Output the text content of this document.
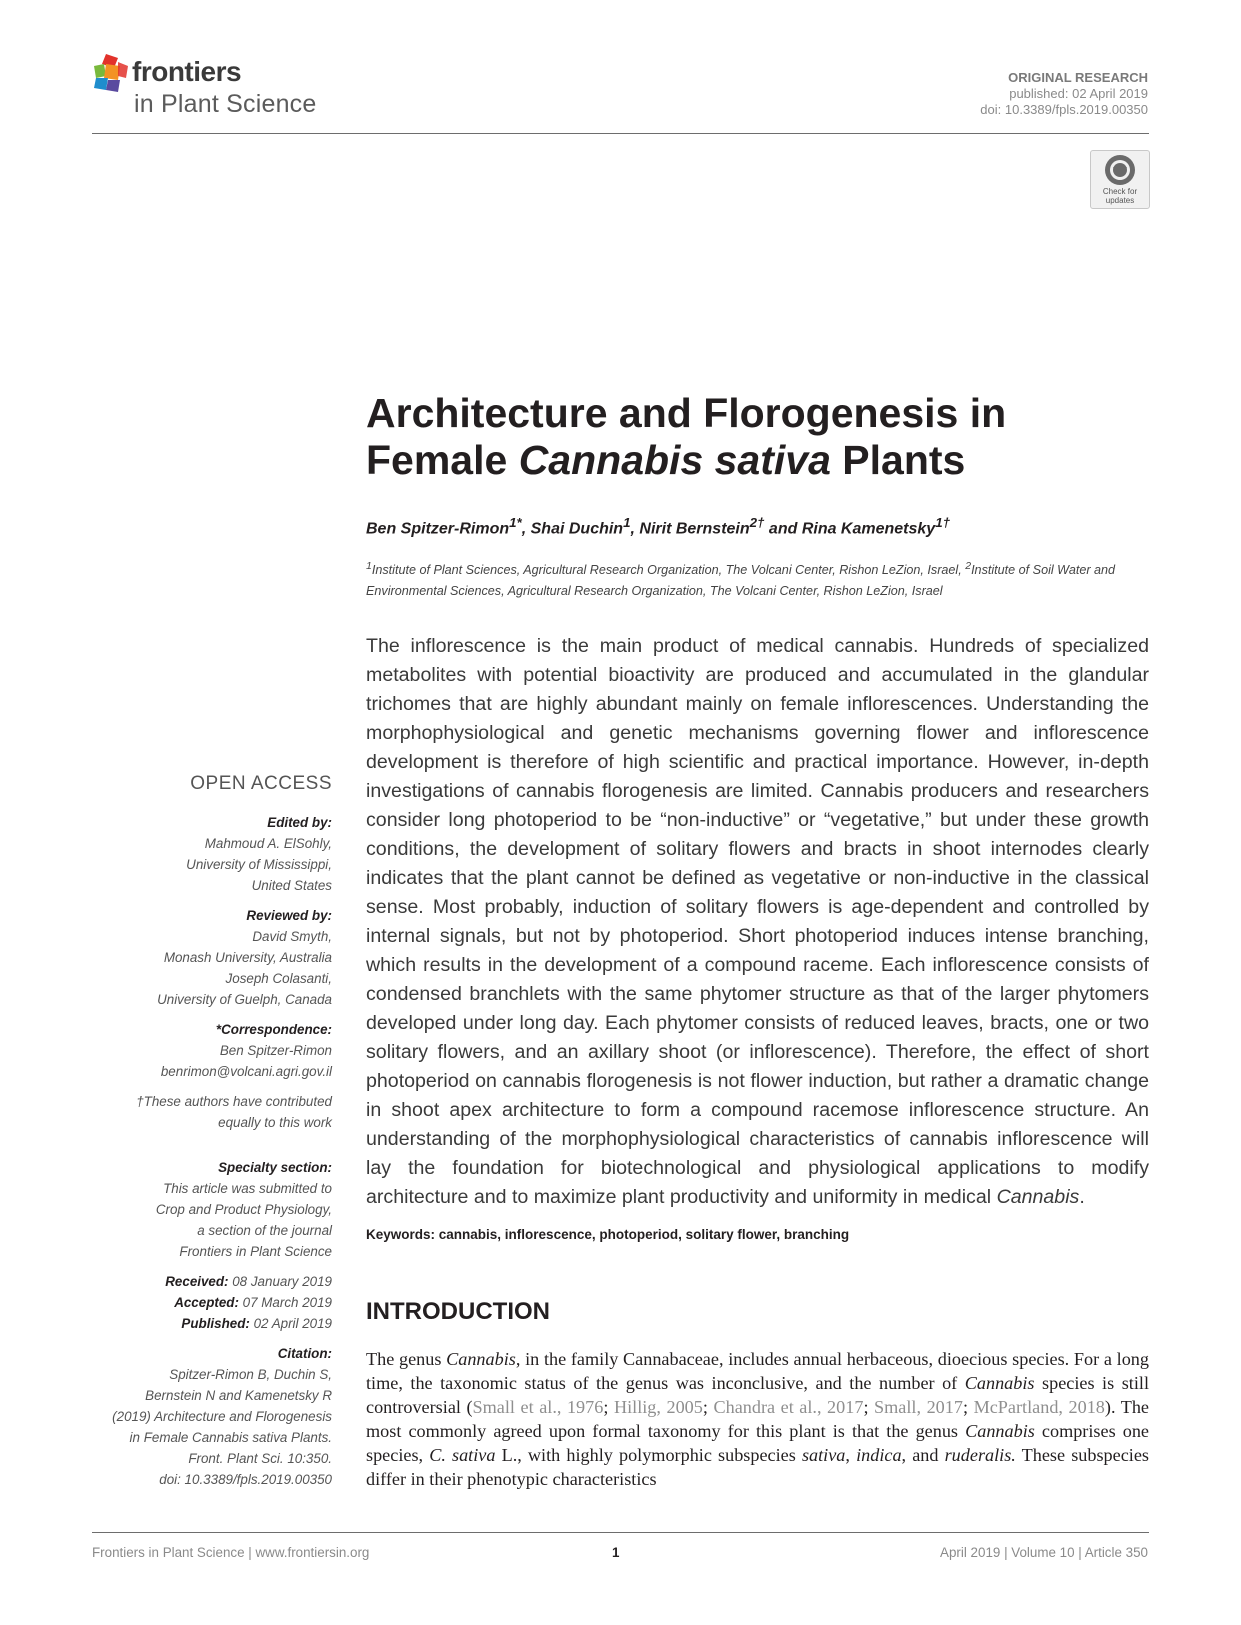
frontiers
in Plant Science
ORIGINAL RESEARCH
published: 02 April 2019
doi: 10.3389/fpls.2019.00350
Check for
updates
Architecture and Florogenesis in
Female Cannabis sativa Plants
Ben Spitzer-Rimon$^{1*}$, Shai Duchin$^1$, Nirit Bernstein$^{2\dagger}$ and Rina Kamenetsky$^{1\dagger}$
$^1$Institute of Plant Sciences, Agricultural Research Organization, The Volcani Center, Rishon LeZion, Israel, $^2$Institute of Soil Water and Environmental Sciences, Agricultural Research Organization, The Volcani Center, Rishon LeZion, Israel
The inflorescence is the main product of medical cannabis. Hundreds of specialized metabolites with potential bioactivity are produced and accumulated in the glandular trichomes that are highly abundant mainly on female inflorescences. Understanding the morphophysiological and genetic mechanisms governing flower and inflorescence development is therefore of high scientific and practical importance. However, in-depth investigations of cannabis florogenesis are limited. Cannabis producers and researchers consider long photoperiod to be “non-inductive” or “vegetative,” but under these growth conditions, the development of solitary flowers and bracts in shoot internodes clearly indicates that the plant cannot be defined as vegetative or non-inductive in the classical sense. Most probably, induction of solitary flowers is age-dependent and controlled by internal signals, but not by photoperiod. Short photoperiod induces intense branching, which results in the development of a compound raceme. Each inflorescence consists of condensed branchlets with the same phytomer structure as that of the larger phytomers developed under long day. Each phytomer consists of reduced leaves, bracts, one or two solitary flowers, and an axillary shoot (or inflorescence). Therefore, the effect of short photoperiod on cannabis florogenesis is not flower induction, but rather a dramatic change in shoot apex architecture to form a compound racemose inflorescence structure. An understanding of the morphophysiological characteristics of cannabis inflorescence will lay the foundation for biotechnological and physiological applications to modify architecture and to maximize plant productivity and uniformity in medical Cannabis.
Keywords: cannabis, inflorescence, photoperiod, solitary flower, branching
INTRODUCTION
The genus Cannabis, in the family Cannabaceae, includes annual herbaceous, dioecious species. For a long time, the taxonomic status of the genus was inconclusive, and the number of Cannabis species is still controversial (Small et al., 1976; Hillig, 2005; Chandra et al., 2017; Small, 2017; McPartland, 2018). The most commonly agreed upon formal taxonomy for this plant is that the genus Cannabis comprises one species, C. sativa L., with highly polymorphic subspecies sativa, indica, and ruderalis. These subspecies differ in their phenotypic characteristics
OPEN ACCESS
Edited by:
Mahmoud A. ElSohly,
University of Mississippi,
United States
Reviewed by:
David Smyth,
Monash University, Australia
Joseph Colasanti,
University of Guelph, Canada
*Correspondence:
Ben Spitzer-Rimon
benrimon@volcani.agri.gov.il
†These authors have contributed
equally to this work
Specialty section:
This article was submitted to
Crop and Product Physiology,
a section of the journal
Frontiers in Plant Science
Received: 08 January 2019
Accepted: 07 March 2019
Published: 02 April 2019
Citation:
Spitzer-Rimon B, Duchin S,
Bernstein N and Kamenetsky R
(2019) Architecture and Florogenesis
in Female Cannabis sativa Plants.
Front. Plant Sci. 10:350.
doi: 10.3389/fpls.2019.00350
Frontiers in Plant Science | www.frontiersin.org	1	April 2019 | Volume 10 | Article 350
